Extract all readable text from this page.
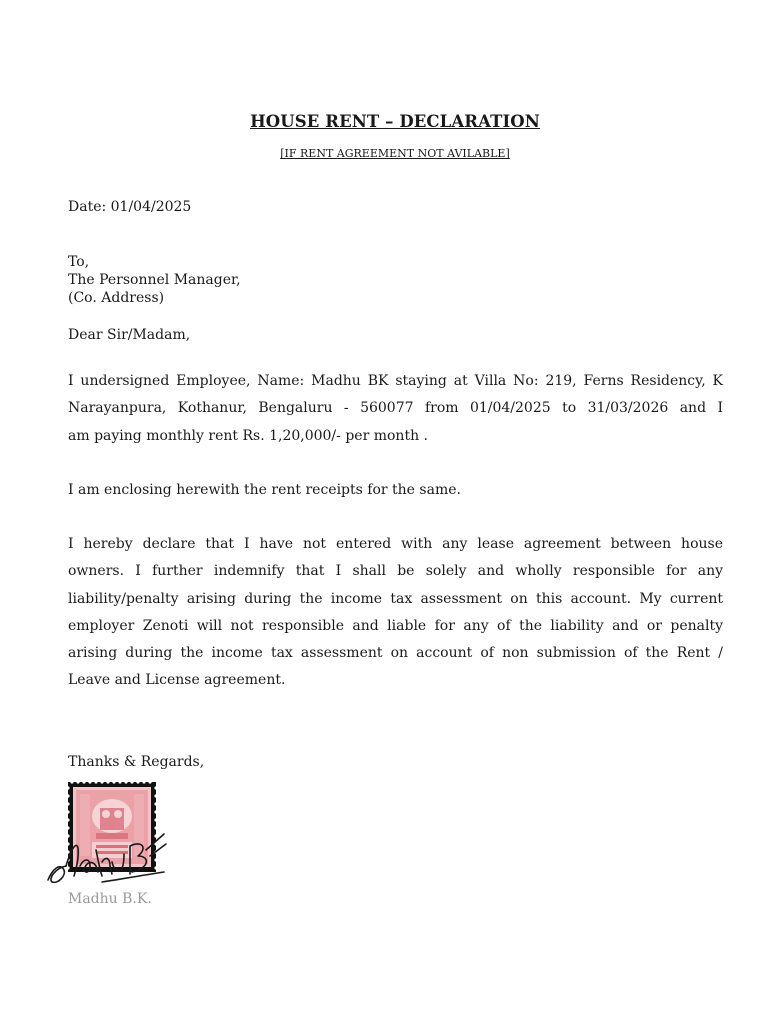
HOUSE RENT – DECLARATION
[IF RENT AGREEMENT NOT AVILABLE]
Date: 01/04/2025
To,
The Personnel Manager,
(Co. Address)
Dear Sir/Madam,
I undersigned Employee, Name: Madhu BK staying at Villa No: 219, Ferns Residency, K
Narayanpura, Kothanur, Bengaluru - 560077 from 01/04/2025 to 31/03/2026 and I
am paying monthly rent Rs. 1,20,000/- per month .
I am enclosing herewith the rent receipts for the same.
I hereby declare that I have not entered with any lease agreement between house
owners. I further indemnify that I shall be solely and wholly responsible for any
liability/penalty arising during the income tax assessment on this account. My current
employer Zenoti will not responsible and liable for any of the liability and or penalty
arising during the income tax assessment on account of non submission of the Rent /
Leave and License agreement.
Thanks & Regards,
Madhu B.K.
